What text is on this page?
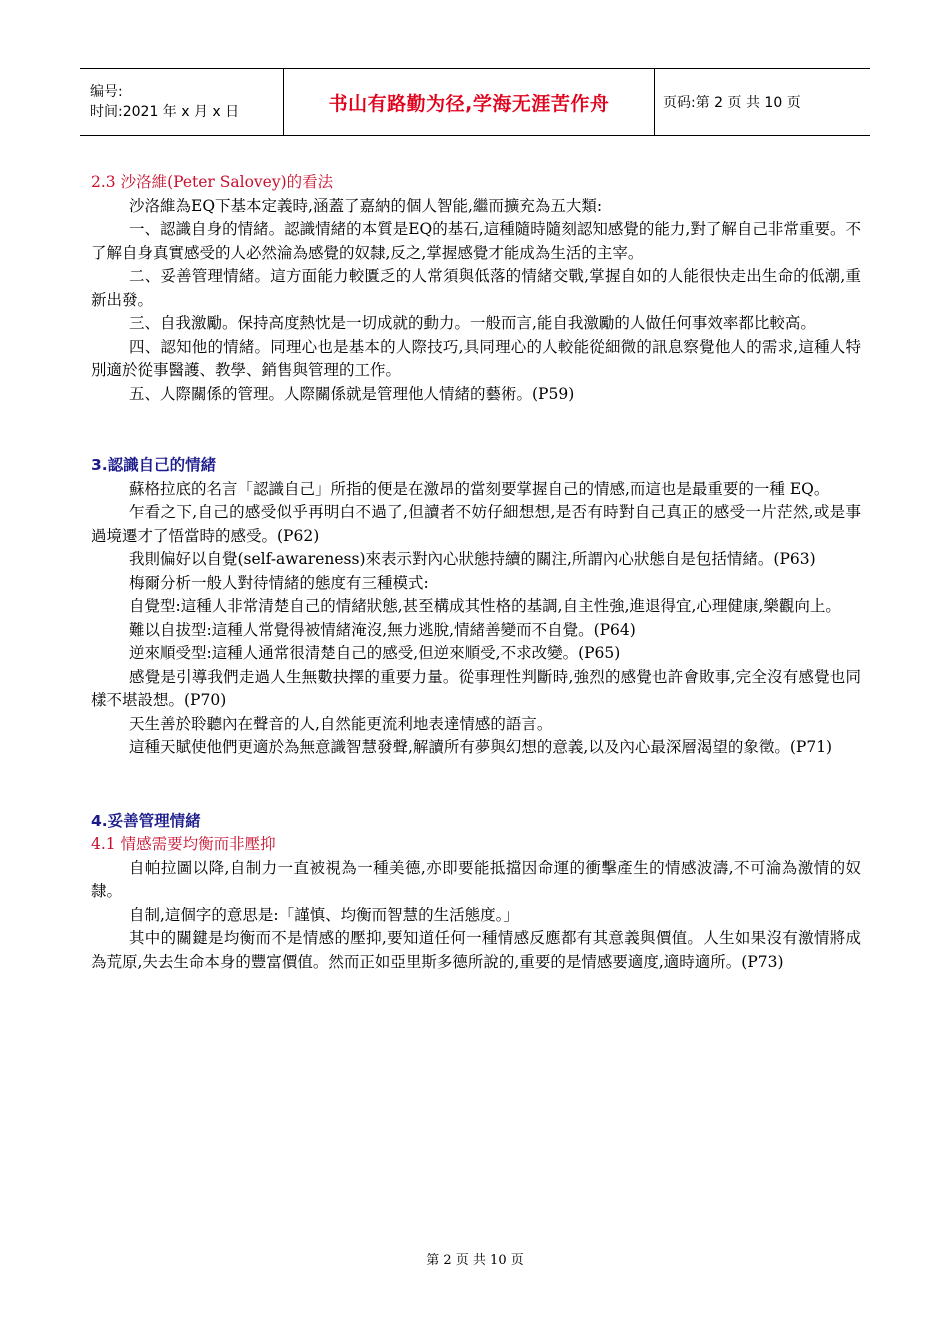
编号:
时间:2021 年 x 月 x 日	书山有路勤为径,学海无涯苦作舟	页码:第 2 页 共 10 页

2.3 沙洛維(Peter Salovey)的看法

沙洛維為EQ下基本定義時,涵蓋了嘉納的個人智能,繼而擴充為五大類:

一、認識自身的情緒。認識情緒的本質是EQ的基石,這種隨時隨刻認知感覺的能力,對了解自己非常重要。不了解自身真實感受的人必然淪為感覺的奴隸,反之,掌握感覺才能成為生活的主宰。

二、妥善管理情緒。這方面能力較匱乏的人常須與低落的情緒交戰,掌握自如的人能很快走出生命的低潮,重新出發。

三、自我激勵。保持高度熱忱是一切成就的動力。一般而言,能自我激勵的人做任何事效率都比較高。

四、認知他的情緒。同理心也是基本的人際技巧,具同理心的人較能從細微的訊息察覺他人的需求,這種人特別適於從事醫護、教學、銷售與管理的工作。

五、人際關係的管理。人際關係就是管理他人情緒的藝術。(P59)

3.認識自己的情緒

蘇格拉底的名言「認識自己」所指的便是在激昂的當刻要掌握自己的情感,而這也是最重要的一種 EQ。

乍看之下,自己的感受似乎再明白不過了,但讀者不妨仔細想想,是否有時對自己真正的感受一片茫然,或是事過境遷才了悟當時的感受。(P62)

我則偏好以自覺(self-awareness)來表示對內心狀態持續的關注,所謂內心狀態自是包括情緒。(P63)

梅爾分析一般人對待情緒的態度有三種模式:

自覺型:這種人非常清楚自己的情緒狀態,甚至構成其性格的基調,自主性強,進退得宜,心理健康,樂觀向上。

難以自拔型:這種人常覺得被情緒淹沒,無力逃脫,情緒善變而不自覺。(P64)

逆來順受型:這種人通常很清楚自己的感受,但逆來順受,不求改變。(P65)

感覺是引導我們走過人生無數抉擇的重要力量。從事理性判斷時,強烈的感覺也許會敗事,完全沒有感覺也同樣不堪設想。(P70)

天生善於聆聽內在聲音的人,自然能更流利地表達情感的語言。

這種天賦使他們更適於為無意識智慧發聲,解讀所有夢與幻想的意義,以及內心最深層渴望的象徵。(P71)

4.妥善管理情緒

4.1 情感需要均衡而非壓抑

自帕拉圖以降,自制力一直被視為一種美德,亦即要能抵擋因命運的衝擊產生的情感波濤,不可淪為激情的奴隸。

自制,這個字的意思是:「謹慎、均衡而智慧的生活態度。」

其中的關鍵是均衡而不是情感的壓抑,要知道任何一種情感反應都有其意義與價值。人生如果沒有激情將成為荒原,失去生命本身的豐富價值。然而正如亞里斯多德所說的,重要的是情感要適度,適時適所。(P73)

第 2 页 共 10 页
